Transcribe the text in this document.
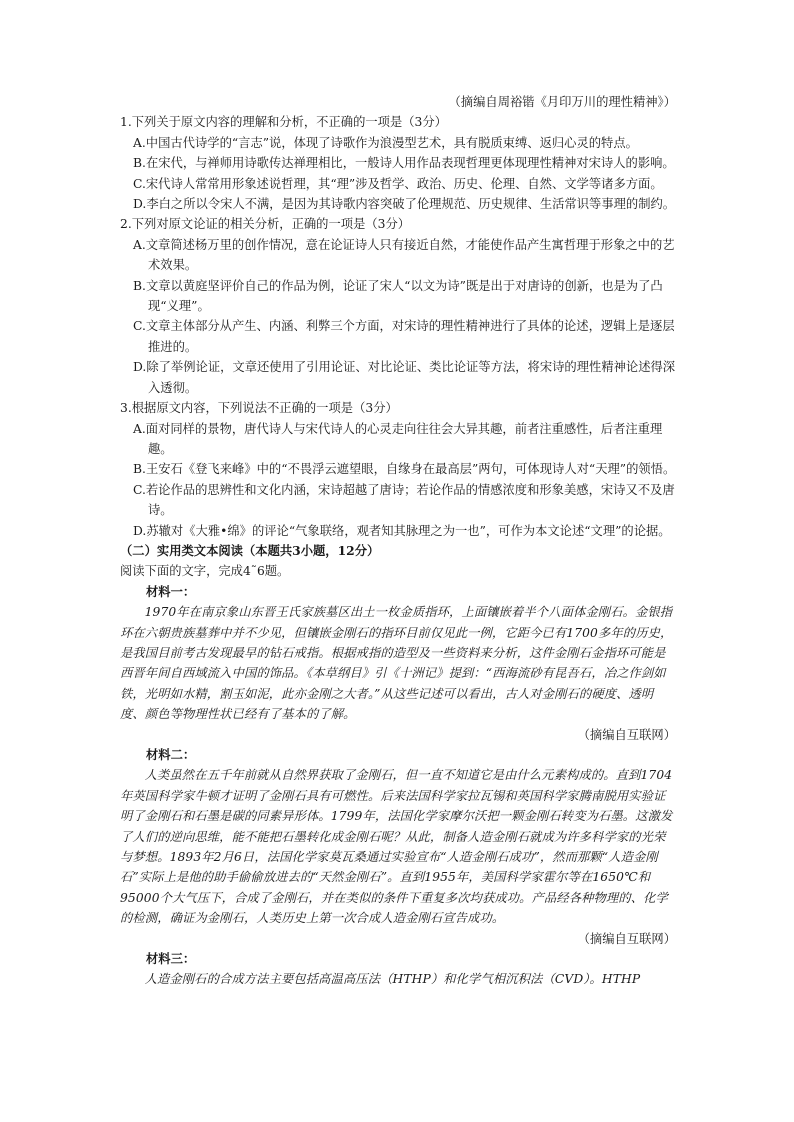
（摘编自周裕锴《月印万川的理性精神》）

1.下列关于原文内容的理解和分析，不正确的一项是（3分）

A.中国古代诗学的“言志”说，体现了诗歌作为浪漫型艺术，具有脱质束缚、返归心灵的特点。

B.在宋代，与禅师用诗歌传达禅理相比，一般诗人用作品表现哲理更体现理性精神对宋诗人的影响。

C.宋代诗人常常用形象述说哲理，其“理”涉及哲学、政治、历史、伦理、自然、文学等诸多方面。

D.李白之所以令宋人不满，是因为其诗歌内容突破了伦理规范、历史规律、生活常识等事理的制约。

2.下列对原文论证的相关分析，正确的一项是（3分）

A.文章简述杨万里的创作情况，意在论证诗人只有接近自然，才能使作品产生寓哲理于形象之中的艺术效果。

B.文章以黄庭坚评价自己的作品为例，论证了宋人“以文为诗”既是出于对唐诗的创新，也是为了凸现“义理”。

C.文章主体部分从产生、内涵、利弊三个方面，对宋诗的理性精神进行了具体的论述，逻辑上是逐层推进的。

D.除了举例论证，文章还使用了引用论证、对比论证、类比论证等方法，将宋诗的理性精神论述得深入透彻。

3.根据原文内容，下列说法不正确的一项是（3分）

A.面对同样的景物，唐代诗人与宋代诗人的心灵走向往往会大异其趣，前者注重感性，后者注重理趣。

B.王安石《登飞来峰》中的“不畏浮云遮望眼，自缘身在最高层”两句，可体现诗人对“天理”的领悟。

C.若论作品的思辨性和文化内涵，宋诗超越了唐诗；若论作品的情感浓度和形象美感，宋诗又不及唐诗。

D.苏辙对《大雅•绵》的评论“气象联络，观者知其脉理之为一也”，可作为本文论述“文理”的论据。

（二）实用类文本阅读（本题共3小题，12分）

阅读下面的文字，完成4˜6题。

材料一：

1970年在南京象山东晋王氏家族墓区出土一枚金质指环，上面镶嵌着半个八面体金刚石。金银指环在六朝贵族墓葬中并不少见，但镶嵌金刚石的指环目前仅见此一例，它距今已有1700多年的历史，是我国目前考古发现最早的钻石戒指。根据戒指的造型及一些资料来分析，这件金刚石金指环可能是西晋年间自西域流入中国的饰品。《本草纲目》引《十洲记》提到：“西海流砂有昆吾石，冶之作剑如铁，光明如水精，割玉如泥，此亦金刚之大者。”从这些记述可以看出，古人对金刚石的硬度、透明度、颜色等物理性状已经有了基本的了解。

（摘编自互联网）

材料二：

人类虽然在五千年前就从自然界获取了金刚石，但一直不知道它是由什么元素构成的。直到1704年英国科学家牛顿才证明了金刚石具有可燃性。后来法国科学家拉瓦锡和英国科学家腾南脱用实验证明了金刚石和石墨是碳的同素异形体。1799年，法国化学家摩尔沃把一颗金刚石转变为石墨。这激发了人们的逆向思维，能不能把石墨转化成金刚石呢？从此，制备人造金刚石就成为许多科学家的光荣与梦想。1893年2月6日，法国化学家莫瓦桑通过实验宣布“人造金刚石成功”，然而那颗“人造金刚石”实际上是他的助手偷偷放进去的“天然金刚石”。直到1955年，美国科学家霍尔等在1650℃和95000个大气压下，合成了金刚石，并在类似的条件下重复多次均获成功。产品经各种物理的、化学的检测，确证为金刚石，人类历史上第一次合成人造金刚石宣告成功。

（摘编自互联网）

材料三：

人造金刚石的合成方法主要包括高温高压法（HTHP）和化学气相沉积法（CVD）。HTHP
